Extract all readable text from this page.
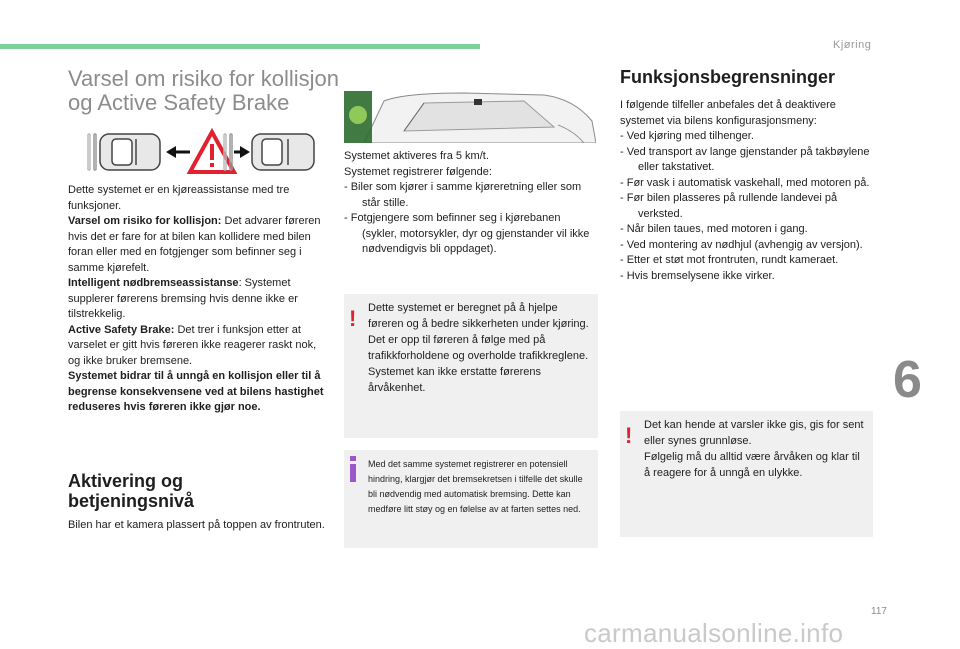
Kjøring
6
117
carmanualsonline.info
Varsel om risiko for kollisjon
og Active Safety Brake

Dette systemet er en kjøreassistanse med tre funksjoner.

Varsel om risiko for kollisjon: Det advarer føreren hvis det er fare for at bilen kan kollidere med bilen foran eller med en fotgjenger som befinner seg i samme kjørefelt.

Intelligent nødbremseassistanse: Systemet supplerer førerens bremsing hvis denne ikke er tilstrekkelig.

Active Safety Brake: Det trer i funksjon etter at varselet er gitt hvis føreren ikke reagerer raskt nok, og ikke bruker bremsene.

Systemet bidrar til å unngå en kollisjon eller til å begrense konsekvensene ved at bilens hastighet reduseres hvis føreren ikke gjør noe.

Aktivering og
betjeningsnivå
Bilen har et kamera plassert på toppen av frontruten.

Systemet aktiveres fra 5 km/t.

Systemet registrerer følgende:

- Biler som kjører i samme kjøreretning eller som står stille.

- Fotgjengere som befinner seg i kjørebanen (sykler, motorsykler, dyr og gjenstander vil ikke nødvendigvis bli oppdaget).

! Dette systemet er beregnet på å hjelpe føreren og å bedre sikkerheten under kjøring.

Det er opp til føreren å følge med på trafikkforholdene og overholde trafikkreglene.

Systemet kan ikke erstatte førerens årvåkenhet.

Med det samme systemet registrerer en potensiell hindring, klargjør det bremsekretsen i tilfelle det skulle bli nødvendig med automatisk bremsing. Dette kan medføre litt støy og en følelse av at farten settes ned.

Funksjonsbegrensninger

I følgende tilfeller anbefales det å deaktivere systemet via bilens konfigurasjonsmeny:

- Ved kjøring med tilhenger.

- Ved transport av lange gjenstander på takbøylene eller takstativet.

- Før vask i automatisk vaskehall, med motoren på.

- Før bilen plasseres på rullende landevei på verksted.

- Når bilen taues, med motoren i gang.

- Ved montering av nødhjul (avhengig av versjon).

- Etter et støt mot frontruten, rundt kameraet.

- Hvis bremselysene ikke virker.

! Det kan hende at varsler ikke gis, gis for sent eller synes grunnløse.

Følgelig må du alltid være årvåken og klar til å reagere for å unngå en ulykke.
